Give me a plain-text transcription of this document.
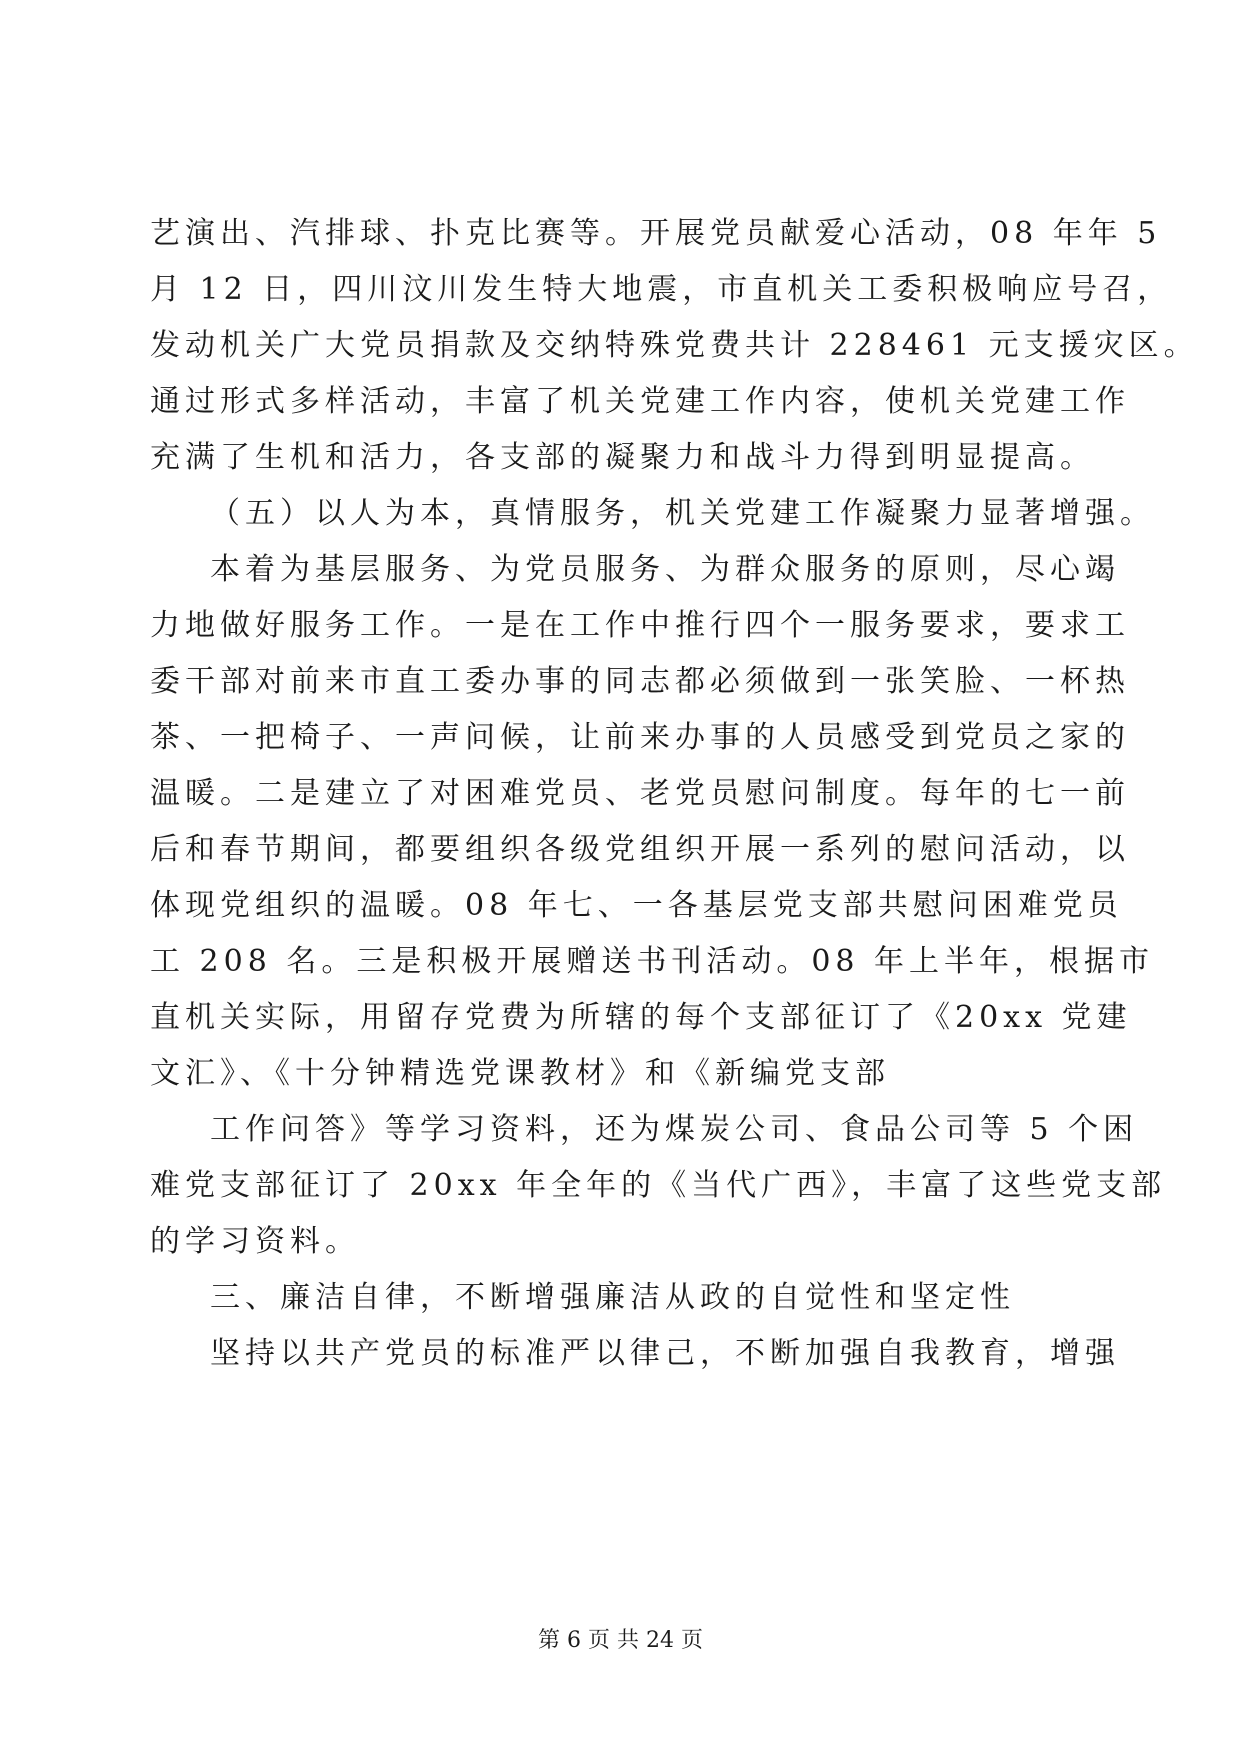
艺演出、汽排球、扑克比赛等。开展党员献爱心活动，08 年年 5
月 12 日，四川汶川发生特大地震，市直机关工委积极响应号召，
发动机关广大党员捐款及交纳特殊党费共计 228461 元支援灾区。
通过形式多样活动，丰富了机关党建工作内容，使机关党建工作
充满了生机和活力，各支部的凝聚力和战斗力得到明显提高。
（五）以人为本，真情服务，机关党建工作凝聚力显著增强。
本着为基层服务、为党员服务、为群众服务的原则，尽心竭
力地做好服务工作。一是在工作中推行四个一服务要求，要求工
委干部对前来市直工委办事的同志都必须做到一张笑脸、一杯热
茶、一把椅子、一声问候，让前来办事的人员感受到党员之家的
温暖。二是建立了对困难党员、老党员慰问制度。每年的七一前
后和春节期间，都要组织各级党组织开展一系列的慰问活动，以
体现党组织的温暖。08 年七、一各基层党支部共慰问困难党员
工 208 名。三是积极开展赠送书刊活动。08 年上半年，根据市
直机关实际，用留存党费为所辖的每个支部征订了《20xx 党建
文汇》、《十分钟精选党课教材》和《新编党支部
工作问答》等学习资料，还为煤炭公司、食品公司等 5 个困
难党支部征订了 20xx 年全年的《当代广西》，丰富了这些党支部
的学习资料。
三、廉洁自律，不断增强廉洁从政的自觉性和坚定性
坚持以共产党员的标准严以律己，不断加强自我教育，增强
第 6 页 共 24 页
